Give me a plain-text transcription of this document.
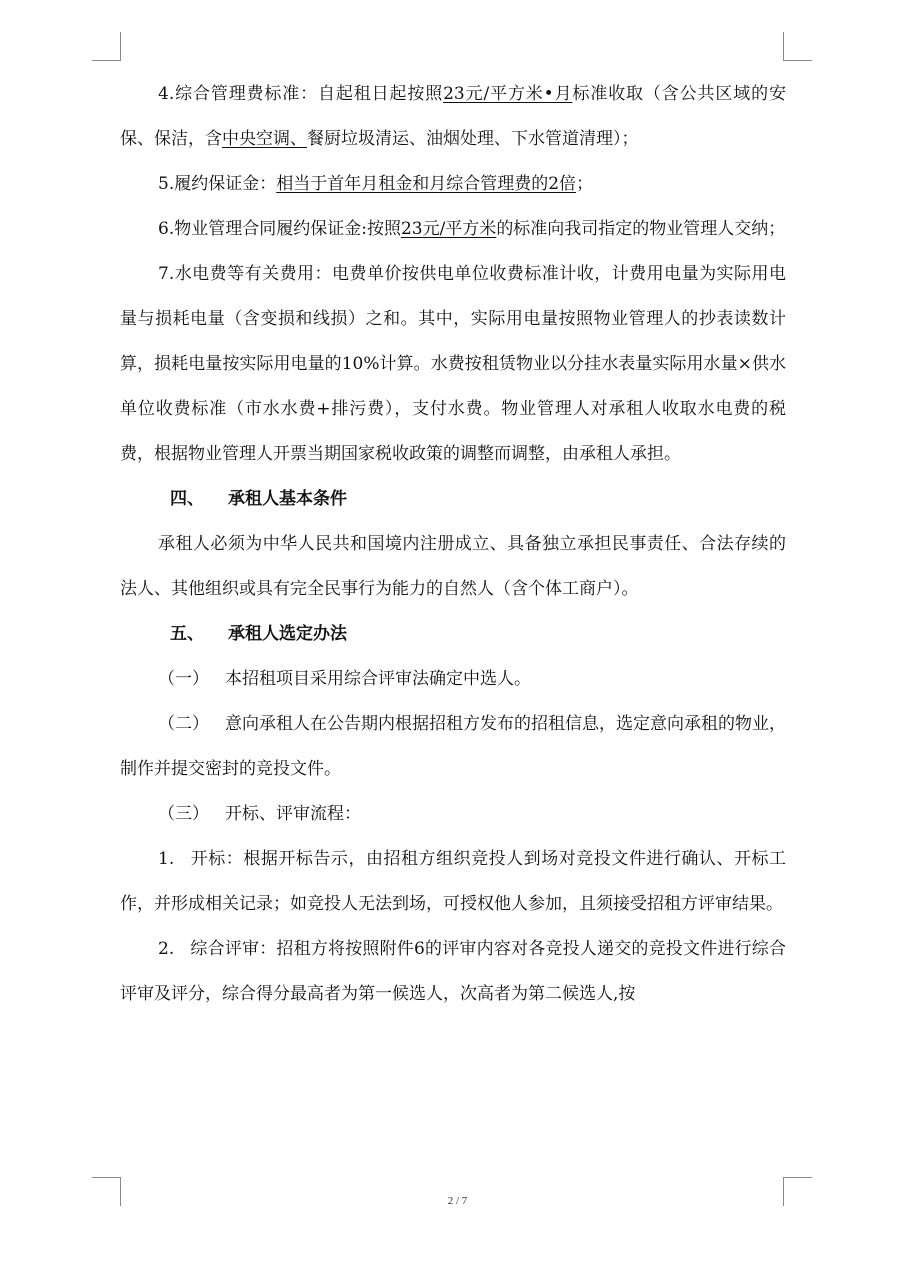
4.综合管理费标准：自起租日起按照23元/平方米•月标准收取（含公共区域的安保、保洁，含中央空调、餐厨垃圾清运、油烟处理、下水管道清理）；

5.履约保证金：相当于首年月租金和月综合管理费的2倍；

6.物业管理合同履约保证金:按照23元/平方米的标准向我司指定的物业管理人交纳；

7.水电费等有关费用：电费单价按供电单位收费标准计收，计费用电量为实际用电量与损耗电量（含变损和线损）之和。其中，实际用电量按照物业管理人的抄表读数计算，损耗电量按实际用电量的10%计算。水费按租赁物业以分挂水表量实际用水量×供水单位收费标准（市水水费+排污费），支付水费。物业管理人对承租人收取水电费的税费，根据物业管理人开票当期国家税收政策的调整而调整，由承租人承担。

四、 承租人基本条件

承租人必须为中华人民共和国境内注册成立、具备独立承担民事责任、合法存续的法人、其他组织或具有完全民事行为能力的自然人（含个体工商户）。

五、 承租人选定办法

（一） 本招租项目采用综合评审法确定中选人。

（二） 意向承租人在公告期内根据招租方发布的招租信息，选定意向承租的物业，制作并提交密封的竞投文件。

（三） 开标、评审流程：

1. 开标：根据开标告示，由招租方组织竞投人到场对竞投文件进行确认、开标工作，并形成相关记录；如竞投人无法到场，可授权他人参加，且须接受招租方评审结果。

2. 综合评审：招租方将按照附件6的评审内容对各竞投人递交的竞投文件进行综合评审及评分，综合得分最高者为第一候选人，次高者为第二候选人,按

2 / 7
